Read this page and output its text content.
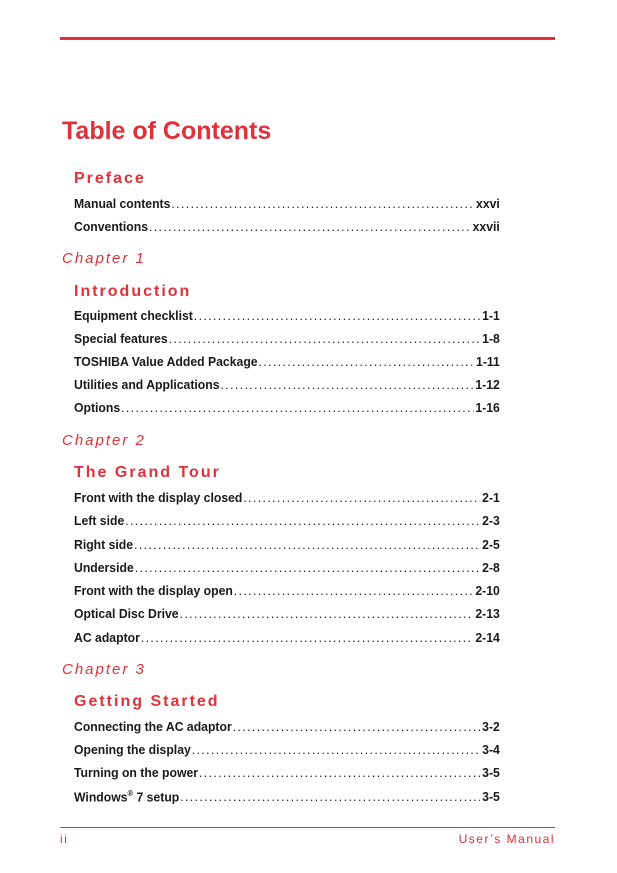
Table of Contents
Preface
Manual contents .....	xxvi
Conventions .....	xxvii
Chapter 1
Introduction
Equipment checklist .....	1-1
Special features .....	1-8
TOSHIBA Value Added Package .....	1-11
Utilities and Applications .....	1-12
Options .....	1-16
Chapter 2
The Grand Tour
Front with the display closed .....	2-1
Left side .....	2-3
Right side .....	2-5
Underside .....	2-8
Front with the display open .....	2-10
Optical Disc Drive .....	2-13
AC adaptor .....	2-14
Chapter 3
Getting Started
Connecting the AC adaptor .....	3-2
Opening the display .....	3-4
Turning on the power .....	3-5
Windows® 7 setup .....	3-5
ii	User’s Manual
